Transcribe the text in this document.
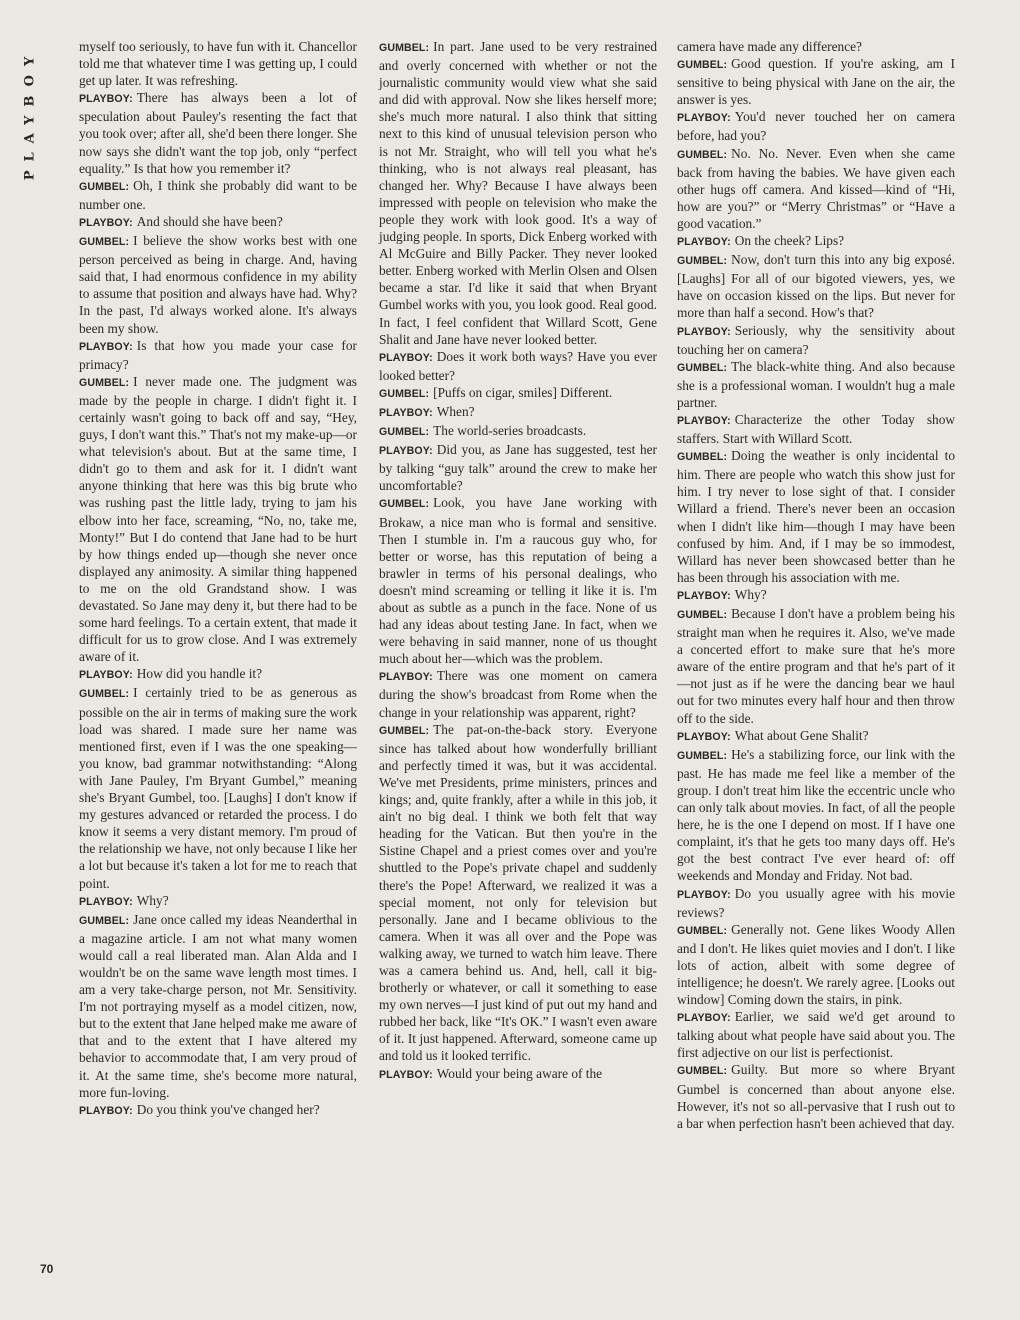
PLAYBOY

myself too seriously, to have fun with it. Chancellor told me that whatever time I was getting up, I could get up later. It was refreshing.

PLAYBOY: There has always been a lot of speculation about Pauley's resenting the fact that you took over; after all, she'd been there longer. She now says she didn't want the top job, only “perfect equality.” Is that how you remember it?

GUMBEL: Oh, I think she probably did want to be number one.

PLAYBOY: And should she have been?

GUMBEL: I believe the show works best with one person perceived as being in charge. And, having said that, I had enormous confidence in my ability to assume that position and always have had. Why? In the past, I'd always worked alone. It's always been my show.

PLAYBOY: Is that how you made your case for primacy?

GUMBEL: I never made one. The judgment was made by the people in charge. I didn't fight it. I certainly wasn't going to back off and say, “Hey, guys, I don't want this.” That's not my make-up—or what television's about. But at the same time, I didn't go to them and ask for it. I didn't want anyone thinking that here was this big brute who was rushing past the little lady, trying to jam his elbow into her face, screaming, “No, no, take me, Monty!” But I do contend that Jane had to be hurt by how things ended up—though she never once displayed any animosity. A similar thing happened to me on the old Grandstand show. I was devastated. So Jane may deny it, but there had to be some hard feelings. To a certain extent, that made it difficult for us to grow close. And I was extremely aware of it.

PLAYBOY: How did you handle it?

GUMBEL: I certainly tried to be as generous as possible on the air in terms of making sure the work load was shared. I made sure her name was mentioned first, even if I was the one speaking—you know, bad grammar notwithstanding: “Along with Jane Pauley, I'm Bryant Gumbel,” meaning she's Bryant Gumbel, too. [Laughs] I don't know if my gestures advanced or retarded the process. I do know it seems a very distant memory. I'm proud of the relationship we have, not only because I like her a lot but because it's taken a lot for me to reach that point.

PLAYBOY: Why?

GUMBEL: Jane once called my ideas Neanderthal in a magazine article. I am not what many women would call a real liberated man. Alan Alda and I wouldn't be on the same wave length most times. I am a very take-charge person, not Mr. Sensitivity. I'm not portraying myself as a model citizen, now, but to the extent that Jane helped make me aware of that and to the extent that I have altered my behavior to accommodate that, I am very proud of it. At the same time, she's become more natural, more fun-loving.

PLAYBOY: Do you think you've changed her?

GUMBEL: In part. Jane used to be very restrained and overly concerned with whether or not the journalistic community would view what she said and did with approval. Now she likes herself more; she's much more natural. I also think that sitting next to this kind of unusual television person who is not Mr. Straight, who will tell you what he's thinking, who is not always real pleasant, has changed her. Why? Because I have always been impressed with people on television who make the people they work with look good. It's a way of judging people. In sports, Dick Enberg worked with Al McGuire and Billy Packer. They never looked better. Enberg worked with Merlin Olsen and Olsen became a star. I'd like it said that when Bryant Gumbel works with you, you look good. Real good. In fact, I feel confident that Willard Scott, Gene Shalit and Jane have never looked better.

PLAYBOY: Does it work both ways? Have you ever looked better?

GUMBEL: [Puffs on cigar, smiles] Different.

PLAYBOY: When?

GUMBEL: The world-series broadcasts.

PLAYBOY: Did you, as Jane has suggested, test her by talking “guy talk” around the crew to make her uncomfortable?

GUMBEL: Look, you have Jane working with Brokaw, a nice man who is formal and sensitive. Then I stumble in. I'm a raucous guy who, for better or worse, has this reputation of being a brawler in terms of his personal dealings, who doesn't mind screaming or telling it like it is. I'm about as subtle as a punch in the face. None of us had any ideas about testing Jane. In fact, when we were behaving in said manner, none of us thought much about her—which was the problem.

PLAYBOY: There was one moment on camera during the show's broadcast from Rome when the change in your relationship was apparent, right?

GUMBEL: The pat-on-the-back story. Everyone since has talked about how wonderfully brilliant and perfectly timed it was, but it was accidental. We've met Presidents, prime ministers, princes and kings; and, quite frankly, after a while in this job, it ain't no big deal. I think we both felt that way heading for the Vatican. But then you're in the Sistine Chapel and a priest comes over and you're shuttled to the Pope's private chapel and suddenly there's the Pope! Afterward, we realized it was a special moment, not only for television but personally. Jane and I became oblivious to the camera. When it was all over and the Pope was walking away, we turned to watch him leave. There was a camera behind us. And, hell, call it big-brotherly or whatever, or call it something to ease my own nerves—I just kind of put out my hand and rubbed her back, like “It's OK.” I wasn't even aware of it. It just happened. Afterward, someone came up and told us it looked terrific.

PLAYBOY: Would your being aware of the

camera have made any difference?

GUMBEL: Good question. If you're asking, am I sensitive to being physical with Jane on the air, the answer is yes.

PLAYBOY: You'd never touched her on camera before, had you?

GUMBEL: No. No. Never. Even when she came back from having the babies. We have given each other hugs off camera. And kissed—kind of “Hi, how are you?” or “Merry Christmas” or “Have a good vacation.”

PLAYBOY: On the cheek? Lips?

GUMBEL: Now, don't turn this into any big exposé. [Laughs] For all of our bigoted viewers, yes, we have on occasion kissed on the lips. But never for more than half a second. How's that?

PLAYBOY: Seriously, why the sensitivity about touching her on camera?

GUMBEL: The black-white thing. And also because she is a professional woman. I wouldn't hug a male partner.

PLAYBOY: Characterize the other Today show staffers. Start with Willard Scott.

GUMBEL: Doing the weather is only incidental to him. There are people who watch this show just for him. I try never to lose sight of that. I consider Willard a friend. There's never been an occasion when I didn't like him—though I may have been confused by him. And, if I may be so immodest, Willard has never been showcased better than he has been through his association with me.

PLAYBOY: Why?

GUMBEL: Because I don't have a problem being his straight man when he requires it. Also, we've made a concerted effort to make sure that he's more aware of the entire program and that he's part of it—not just as if he were the dancing bear we haul out for two minutes every half hour and then throw off to the side.

PLAYBOY: What about Gene Shalit?

GUMBEL: He's a stabilizing force, our link with the past. He has made me feel like a member of the group. I don't treat him like the eccentric uncle who can only talk about movies. In fact, of all the people here, he is the one I depend on most. If I have one complaint, it's that he gets too many days off. He's got the best contract I've ever heard of: off weekends and Monday and Friday. Not bad.

PLAYBOY: Do you usually agree with his movie reviews?

GUMBEL: Generally not. Gene likes Woody Allen and I don't. He likes quiet movies and I don't. I like lots of action, albeit with some degree of intelligence; he doesn't. We rarely agree. [Looks out window] Coming down the stairs, in pink.

PLAYBOY: Earlier, we said we'd get around to talking about what people have said about you. The first adjective on our list is perfectionist.

GUMBEL: Guilty. But more so where Bryant Gumbel is concerned than about anyone else. However, it's not so all-pervasive that I rush out to a bar when perfection hasn't been achieved that day.

70
